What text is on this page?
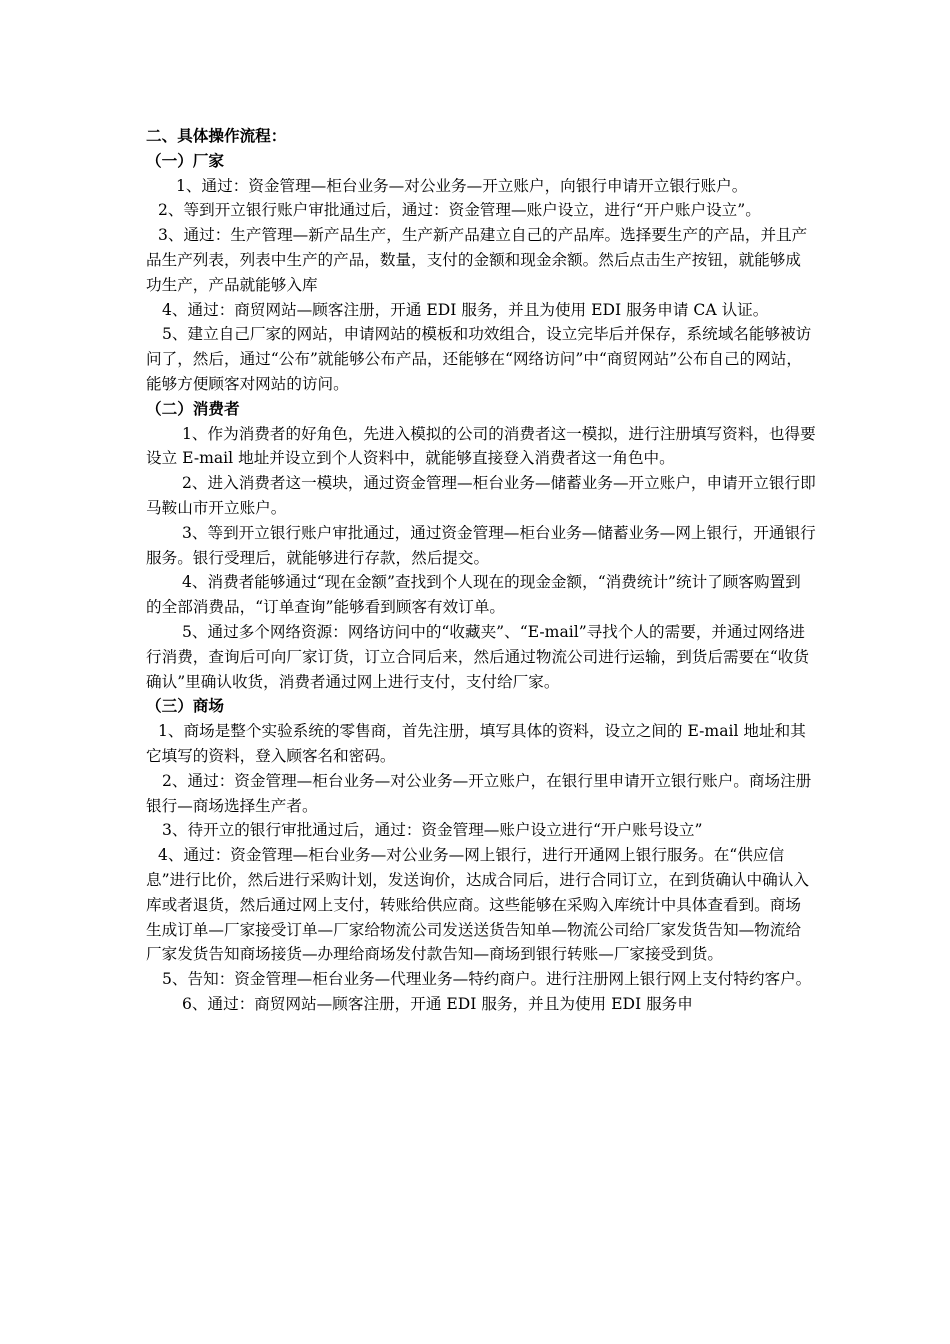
二、具体操作流程：

（一）厂家

1、通过：资金管理—柜台业务—对公业务—开立账户，向银行申请开立银行账户。

2、等到开立银行账户审批通过后，通过：资金管理—账户设立，进行“开户账户设立”。

3、通过：生产管理—新产品生产，生产新产品建立自己的产品库。选择要生产的产品，并且产品生产列表，列表中生产的产品，数量，支付的金额和现金余额。然后点击生产按钮，就能够成功生产，产品就能够入库

4、通过：商贸网站—顾客注册，开通 EDI 服务，并且为使用 EDI 服务申请 CA 认证。

5、建立自己厂家的网站，申请网站的模板和功效组合，设立完毕后并保存，系统域名能够被访问了，然后，通过“公布”就能够公布产品，还能够在“网络访问”中“商贸网站”公布自己的网站，能够方便顾客对网站的访问。

（二）消费者

1、作为消费者的好角色，先进入模拟的公司的消费者这一模拟，进行注册填写资料，也得要设立 E-mail 地址并设立到个人资料中，就能够直接登入消费者这一角色中。

2、进入消费者这一模块，通过资金管理—柜台业务—储蓄业务—开立账户，申请开立银行即马鞍山市开立账户。

3、等到开立银行账户审批通过，通过资金管理—柜台业务—储蓄业务—网上银行，开通银行服务。银行受理后，就能够进行存款，然后提交。

4、消费者能够通过“现在金额”查找到个人现在的现金金额，“消费统计”统计了顾客购置到的全部消费品，“订单查询”能够看到顾客有效订单。

5、通过多个网络资源：网络访问中的“收藏夹”、“E-mail”寻找个人的需要，并通过网络进行消费，查询后可向厂家订货，订立合同后来，然后通过物流公司进行运输，到货后需要在“收货确认”里确认收货，消费者通过网上进行支付，支付给厂家。

（三）商场

1、商场是整个实验系统的零售商，首先注册，填写具体的资料，设立之间的 E-mail 地址和其它填写的资料，登入顾客名和密码。

2、通过：资金管理—柜台业务—对公业务—开立账户，在银行里申请开立银行账户。商场注册银行—商场选择生产者。

3、待开立的银行审批通过后，通过：资金管理—账户设立进行“开户账号设立”

4、通过：资金管理—柜台业务—对公业务—网上银行，进行开通网上银行服务。在“供应信息”进行比价，然后进行采购计划，发送询价，达成合同后，进行合同订立，在到货确认中确认入库或者退货，然后通过网上支付，转账给供应商。这些能够在采购入库统计中具体查看到。商场生成订单—厂家接受订单—厂家给物流公司发送送货告知单—物流公司给厂家发货告知—物流给厂家发货告知商场接货—办理给商场发付款告知—商场到银行转账—厂家接受到货。

5、告知：资金管理—柜台业务—代理业务—特约商户。进行注册网上银行网上支付特约客户。

6、通过：商贸网站—顾客注册，开通 EDI 服务，并且为使用 EDI 服务申
